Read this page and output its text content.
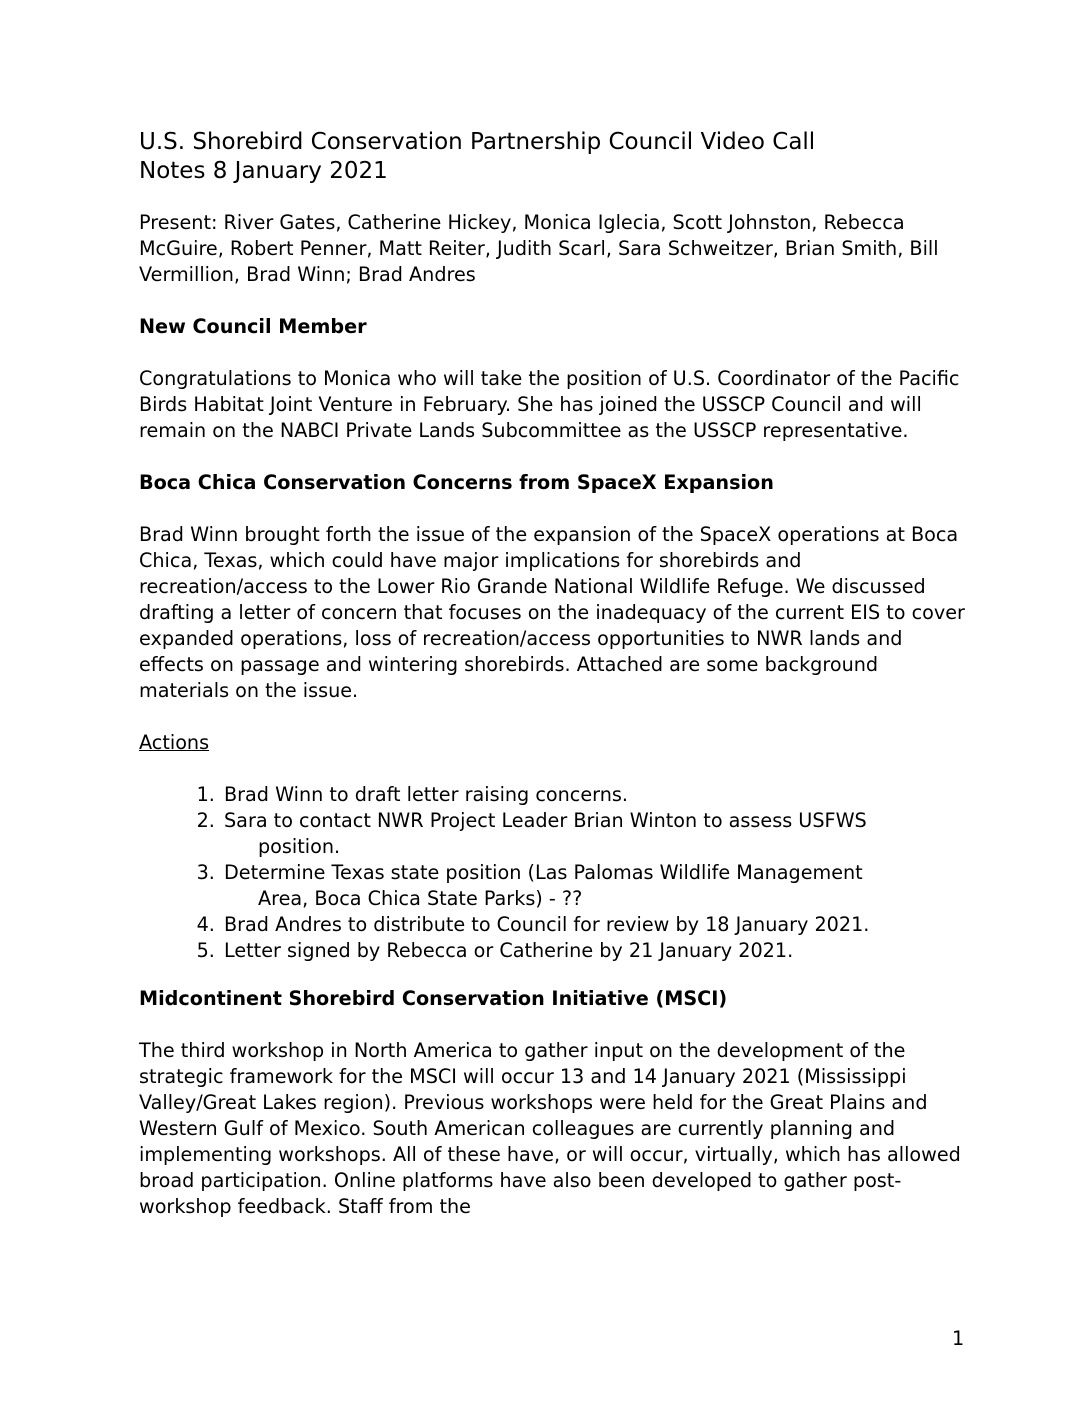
U.S. Shorebird Conservation Partnership Council Video Call
Notes 8 January 2021

Present: River Gates, Catherine Hickey, Monica Iglecia, Scott Johnston, Rebecca McGuire, Robert Penner, Matt Reiter, Judith Scarl, Sara Schweitzer, Brian Smith, Bill Vermillion, Brad Winn; Brad Andres

New Council Member

Congratulations to Monica who will take the position of U.S. Coordinator of the Pacific Birds Habitat Joint Venture in February. She has joined the USSCP Council and will remain on the NABCI Private Lands Subcommittee as the USSCP representative.

Boca Chica Conservation Concerns from SpaceX Expansion

Brad Winn brought forth the issue of the expansion of the SpaceX operations at Boca Chica, Texas, which could have major implications for shorebirds and recreation/access to the Lower Rio Grande National Wildlife Refuge. We discussed drafting a letter of concern that focuses on the inadequacy of the current EIS to cover expanded operations, loss of recreation/access opportunities to NWR lands and effects on passage and wintering shorebirds. Attached are some background materials on the issue.

Actions

1. Brad Winn to draft letter raising concerns.
2. Sara to contact NWR Project Leader Brian Winton to assess USFWS
position.
3. Determine Texas state position (Las Palomas Wildlife Management
Area, Boca Chica State Parks) - ??
4. Brad Andres to distribute to Council for review by 18 January 2021.
5. Letter signed by Rebecca or Catherine by 21 January 2021.

Midcontinent Shorebird Conservation Initiative (MSCI)

The third workshop in North America to gather input on the development of the strategic framework for the MSCI will occur 13 and 14 January 2021 (Mississippi Valley/Great Lakes region). Previous workshops were held for the Great Plains and Western Gulf of Mexico. South American colleagues are currently planning and implementing workshops. All of these have, or will occur, virtually, which has allowed broad participation. Online platforms have also been developed to gather post-workshop feedback. Staff from the

1
